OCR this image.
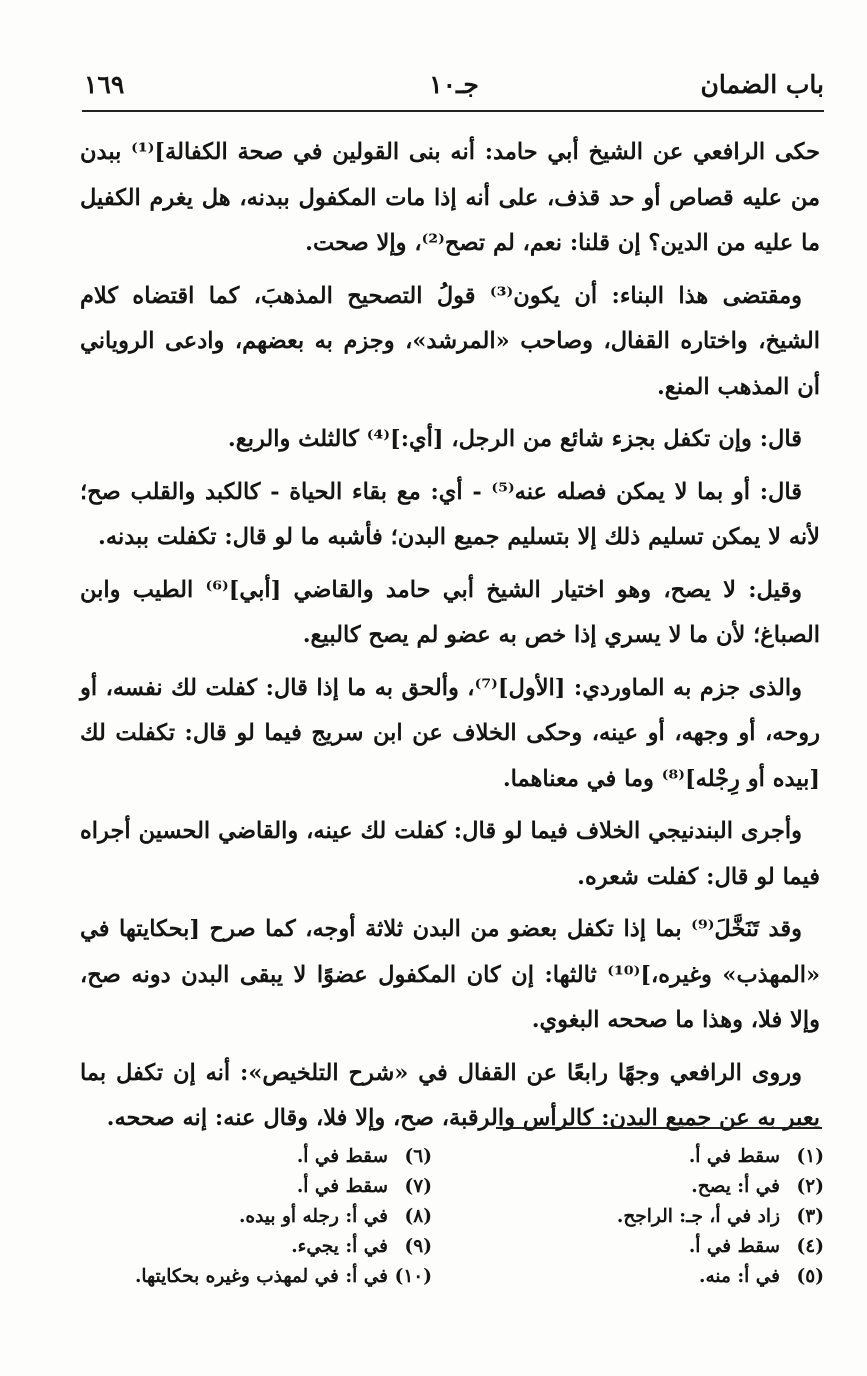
باب الضمان
جـ١٠
١٦٩

حكى الرافعي عن الشيخ أبي حامد: أنه بنى القولين في صحة الكفالة]⁽¹⁾ ببدن من عليه قصاص أو حد قذف، على أنه إذا مات المكفول ببدنه، هل يغرم الكفيل ما عليه من الدين؟ إن قلنا: نعم، لم تصح⁽²⁾، وإلا صحت.

ومقتضى هذا البناء: أن يكون⁽³⁾ قولُ التصحيح المذهبَ، كما اقتضاه كلام الشيخ، واختاره القفال، وصاحب «المرشد»، وجزم به بعضهم، وادعى الروياني أن المذهب المنع.

قال: وإن تكفل بجزء شائع من الرجل، [أي:]⁽⁴⁾ كالثلث والربع.

قال: أو بما لا يمكن فصله عنه⁽⁵⁾ - أي: مع بقاء الحياة - كالكبد والقلب صح؛ لأنه لا يمكن تسليم ذلك إلا بتسليم جميع البدن؛ فأشبه ما لو قال: تكفلت ببدنه.

وقيل: لا يصح، وهو اختيار الشيخ أبي حامد والقاضي [أبي]⁽⁶⁾ الطيب وابن الصباغ؛ لأن ما لا يسري إذا خص به عضو لم يصح كالبيع.

والذى جزم به الماوردي: [الأول]⁽⁷⁾، وألحق به ما إذا قال: كفلت لك نفسه، أو روحه، أو وجهه، أو عينه، وحكى الخلاف عن ابن سريج فيما لو قال: تكفلت لك [بيده أو رِجْله]⁽⁸⁾ وما في معناهما.

وأجرى البندنيجي الخلاف فيما لو قال: كفلت لك عينه، والقاضي الحسين أجراه فيما لو قال: كفلت شعره.

وقد تَنَخَّلَ⁽⁹⁾ بما إذا تكفل بعضو من البدن ثلاثة أوجه، كما صرح [بحكايتها في «المهذب» وغيره،]⁽¹⁰⁾ ثالثها: إن كان المكفول عضوًا لا يبقى البدن دونه صح، وإلا فلا، وهذا ما صححه البغوي.

وروى الرافعي وجهًا رابعًا عن القفال في «شرح التلخيص»: أنه إن تكفل بما يعبر به عن جميع البدن: كالرأس والرقبة، صح، وإلا فلا، وقال عنه: إنه صححه.

(١)سقط في أ.
(٢)في أ: يصح.
(٣)زاد في أ، جـ: الراجح.
(٤)سقط في أ.
(٥)في أ: منه.
(٦)سقط في أ.
(٧)سقط في أ.
(٨)في أ: رجله أو بيده.
(٩)في أ: يجيء.
(١٠)في أ: في لمهذب وغيره بحكايتها.
